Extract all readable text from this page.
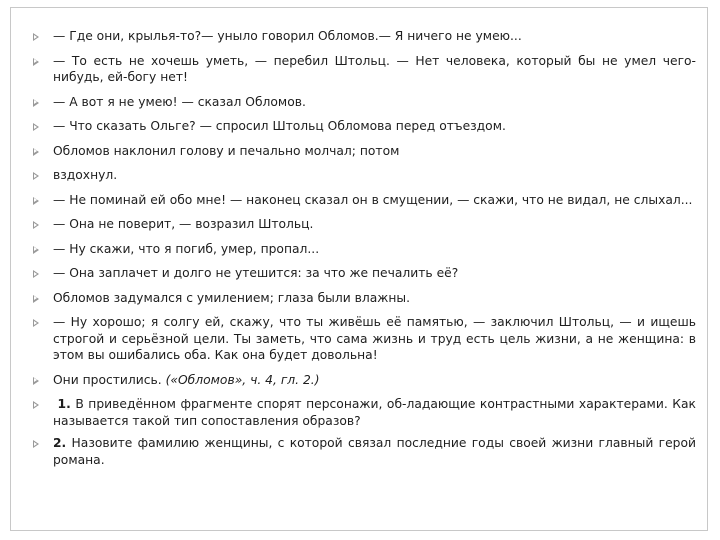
— Где они, крылья-то?— уныло говорил Обломов.— Я ничего не умею...
— То есть не хочешь уметь, — перебил Штольц. — Нет человека, который бы не умел чего-нибудь, ей-богу нет!
— А вот я не умею! — сказал Обломов.
— Что сказать Ольге? — спросил Штольц Обломова перед отъездом.
Обломов наклонил голову и печально молчал; потом
вздохнул.
— Не поминай ей обо мне! — наконец сказал он в смущении, — скажи, что не видал, не слыхал...
— Она не поверит, — возразил Штольц.
— Ну скажи, что я погиб, умер, пропал...
— Она заплачет и долго не утешится: за что же печалить её?
Обломов задумался с умилением; глаза были влажны.
— Ну хорошо; я солгу ей, скажу, что ты живёшь её памятью, — заключил Штольц, — и ищешь строгой и серьёзной цели. Ты заметь, что сама жизнь и труд есть цель жизни, а не женщина: в этом вы ошибались оба. Как она будет довольна!
Они простились. («Обломов», ч. 4, гл. 2.)
1. В приведённом фрагменте спорят персонажи, об-ладающие контрастными характерами. Как называется такой тип сопоставления образов?
2. Назовите фамилию женщины, с которой связал последние годы своей жизни главный герой романа.
